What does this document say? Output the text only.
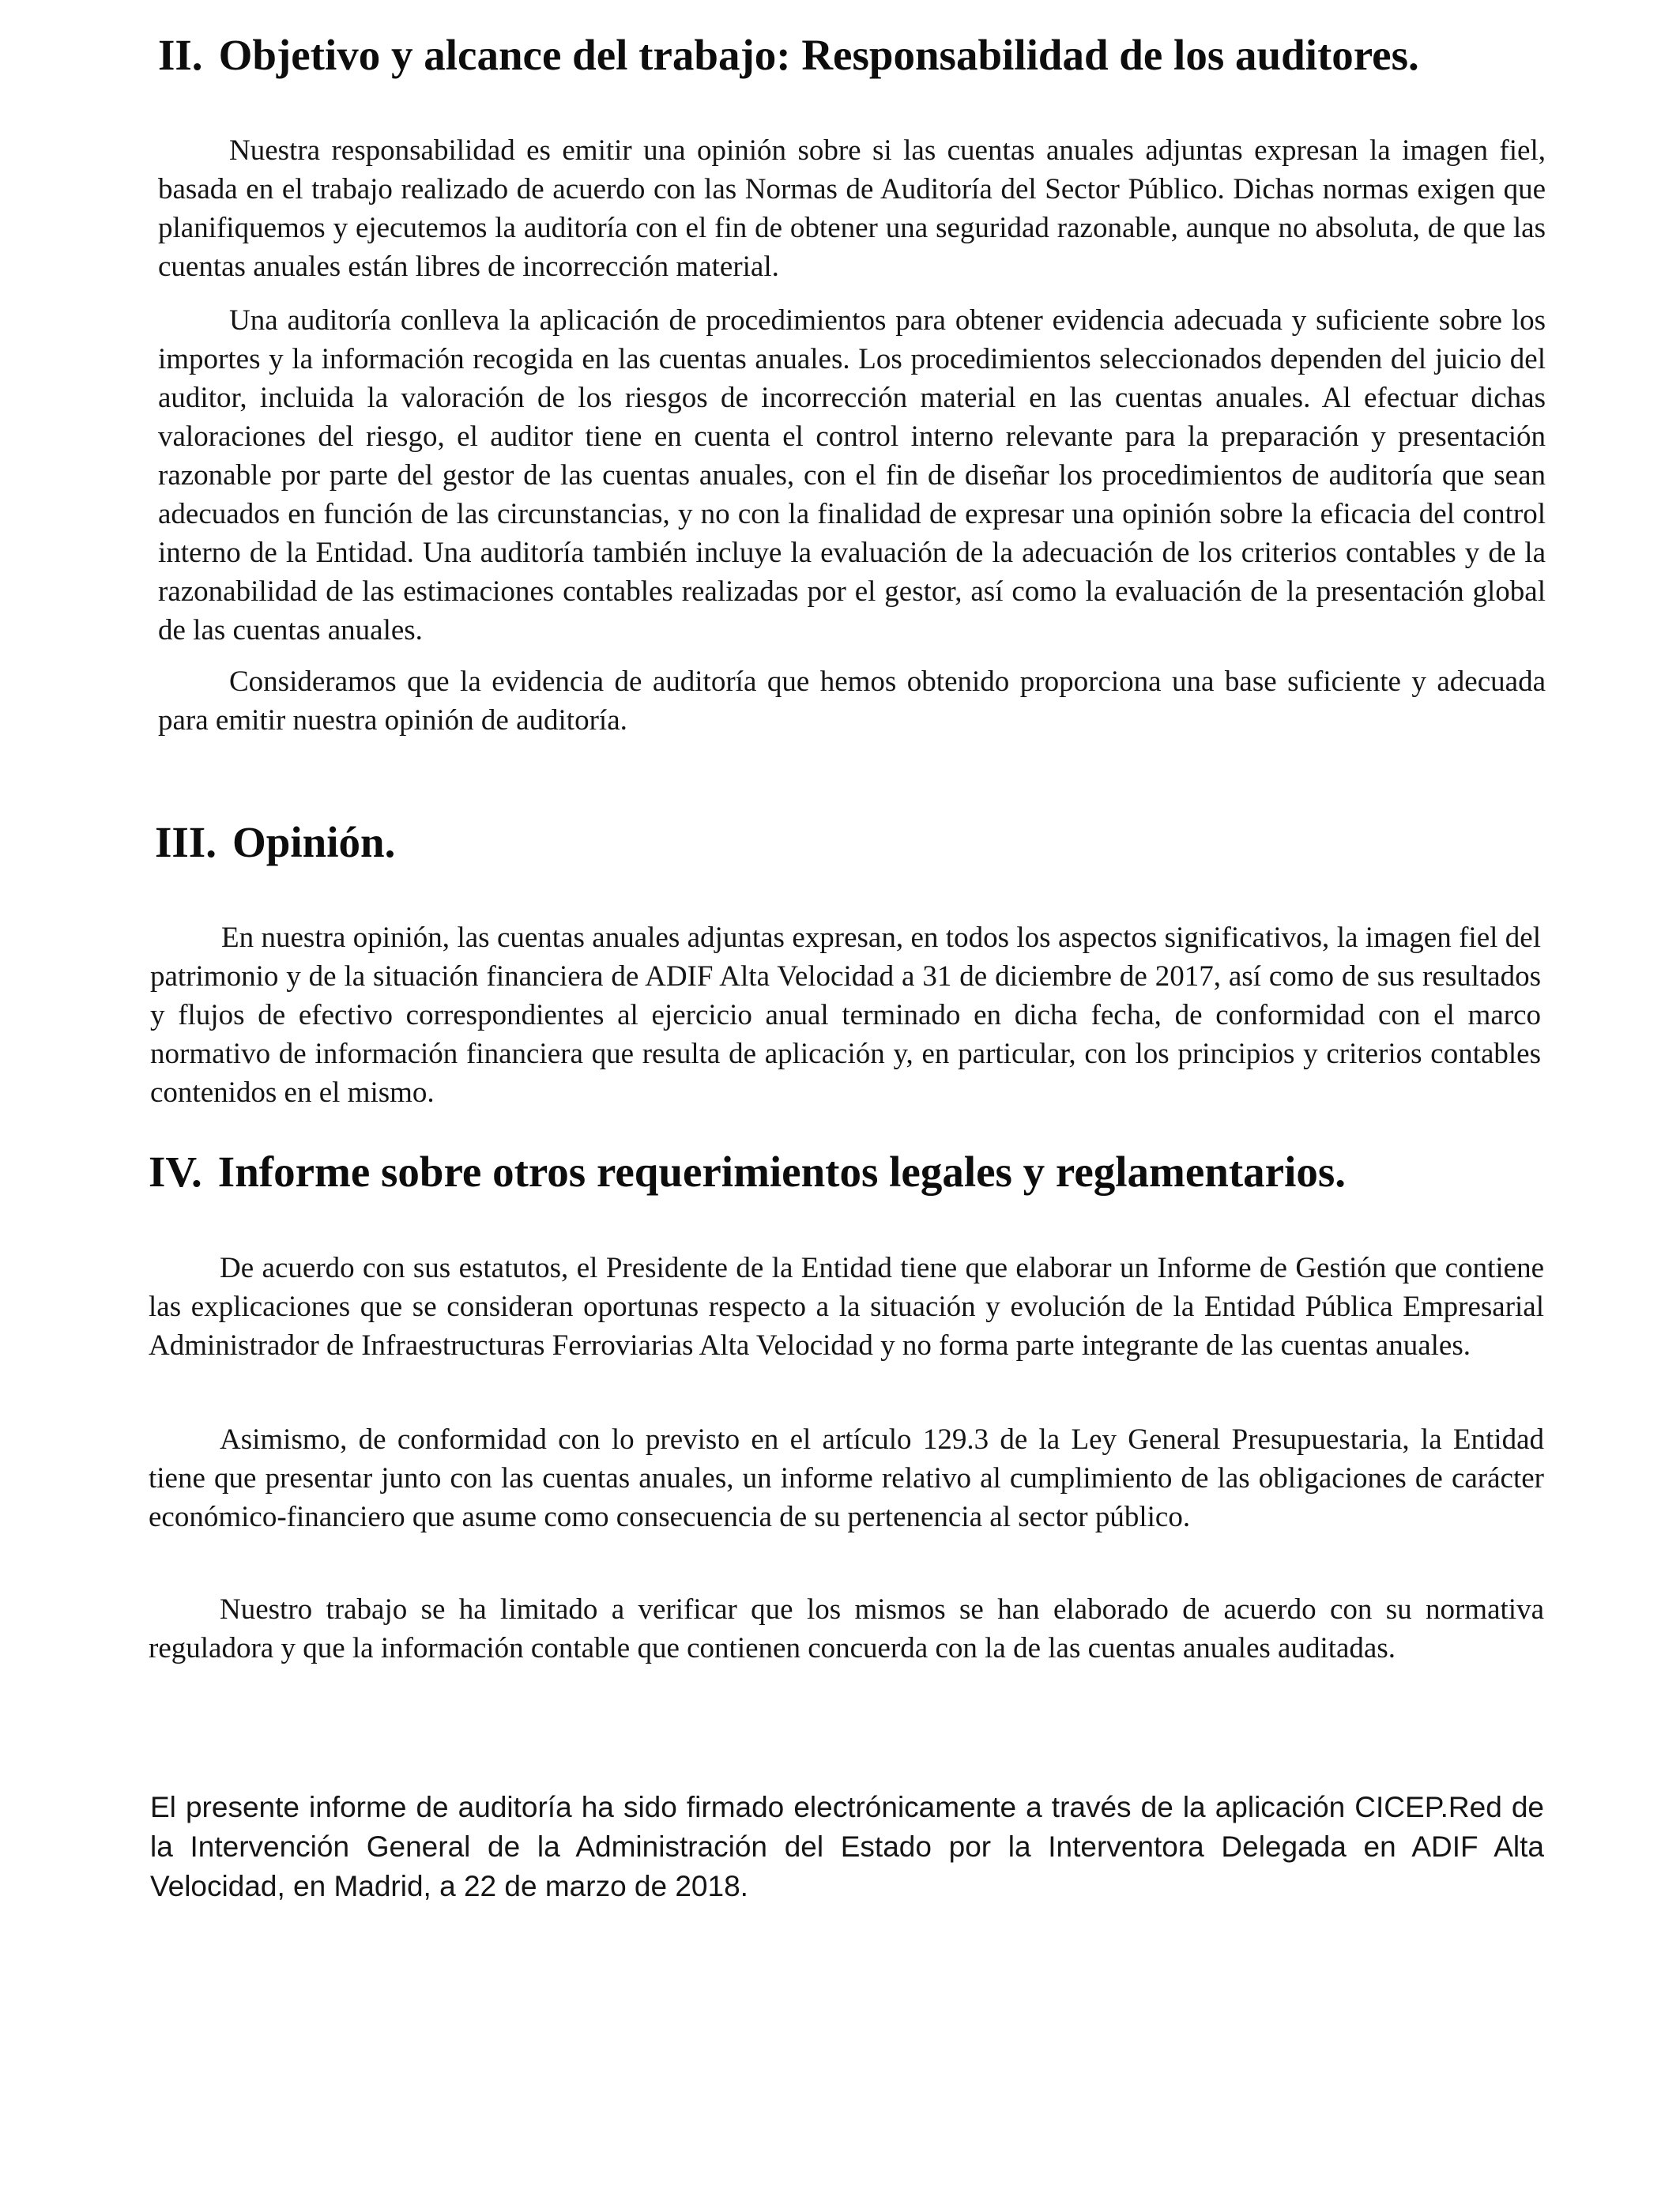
II. Objetivo y alcance del trabajo: Responsabilidad de los auditores.

Nuestra responsabilidad es emitir una opinión sobre si las cuentas anuales adjuntas expresan la imagen fiel, basada en el trabajo realizado de acuerdo con las Normas de Auditoría del Sector Público. Dichas normas exigen que planifiquemos y ejecutemos la auditoría con el fin de obtener una seguridad razonable, aunque no absoluta, de que las cuentas anuales están libres de incorrección material.

Una auditoría conlleva la aplicación de procedimientos para obtener evidencia adecuada y suficiente sobre los importes y la información recogida en las cuentas anuales. Los procedimientos seleccionados dependen del juicio del auditor, incluida la valoración de los riesgos de incorrección material en las cuentas anuales. Al efectuar dichas valoraciones del riesgo, el auditor tiene en cuenta el control interno relevante para la preparación y presentación razonable por parte del gestor de las cuentas anuales, con el fin de diseñar los procedimientos de auditoría que sean adecuados en función de las circunstancias, y no con la finalidad de expresar una opinión sobre la eficacia del control interno de la Entidad. Una auditoría también incluye la evaluación de la adecuación de los criterios contables y de la razonabilidad de las estimaciones contables realizadas por el gestor, así como la evaluación de la presentación global de las cuentas anuales.

Consideramos que la evidencia de auditoría que hemos obtenido proporciona una base suficiente y adecuada para emitir nuestra opinión de auditoría.

III. Opinión.

En nuestra opinión, las cuentas anuales adjuntas expresan, en todos los aspectos significativos, la imagen fiel del patrimonio y de la situación financiera de ADIF Alta Velocidad a 31 de diciembre de 2017, así como de sus resultados y flujos de efectivo correspondientes al ejercicio anual terminado en dicha fecha, de conformidad con el marco normativo de información financiera que resulta de aplicación y, en particular, con los principios y criterios contables contenidos en el mismo.

IV. Informe sobre otros requerimientos legales y reglamentarios.

De acuerdo con sus estatutos, el Presidente de la Entidad tiene que elaborar un Informe de Gestión que contiene las explicaciones que se consideran oportunas respecto a la situación y evolución de la Entidad Pública Empresarial Administrador de Infraestructuras Ferroviarias Alta Velocidad y no forma parte integrante de las cuentas anuales.

Asimismo, de conformidad con lo previsto en el artículo 129.3 de la Ley General Presupuestaria, la Entidad tiene que presentar junto con las cuentas anuales, un informe relativo al cumplimiento de las obligaciones de carácter económico-financiero que asume como consecuencia de su pertenencia al sector público.

Nuestro trabajo se ha limitado a verificar que los mismos se han elaborado de acuerdo con su normativa reguladora y que la información contable que contienen concuerda con la de las cuentas anuales auditadas.

El presente informe de auditoría ha sido firmado electrónicamente a través de la aplicación CICEP.Red de la Intervención General de la Administración del Estado por la Interventora Delegada en ADIF Alta Velocidad, en Madrid, a 22 de marzo de 2018.
